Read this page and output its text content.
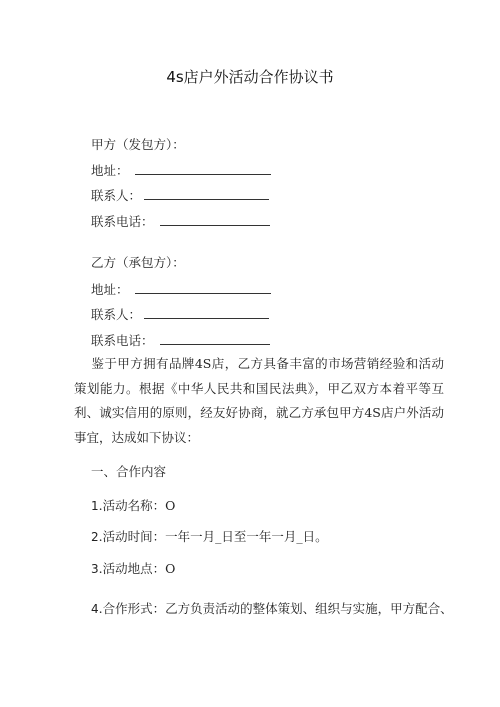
4s店户外活动合作协议书
甲方（发包方）：
地址：
联系人：
联系电话：
乙方（承包方）：
地址：
联系人：
联系电话：
鉴于甲方拥有品牌4S店，乙方具备丰富的市场营销经验和活动策划能力。根据《中华人民共和国民法典》，甲乙双方本着平等互利、诚实信用的原则，经友好协商，就乙方承包甲方4S店户外活动事宜，达成如下协议：
一、合作内容
1.活动名称：O
2.活动时间：一年一月_日至一年一月_日。
3.活动地点：O
4.合作形式：乙方负责活动的整体策划、组织与实施，甲方配合、
